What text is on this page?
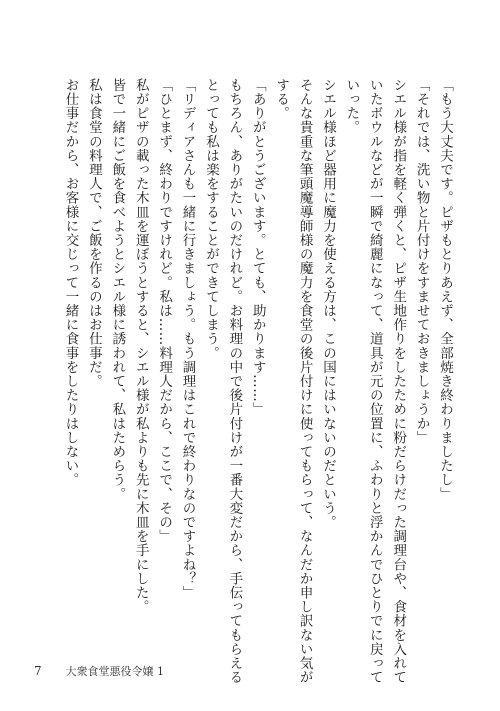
「もう大丈夫です。ピザもとりあえず、全部焼き終わりましたし」
「それでは、洗い物と片付けをすませておきましょうか」
シエル様が指を軽く弾くと、ピザ生地作りをしたために粉だらけだった調理台や、食材を入れて
いたボウルなどが一瞬で綺麗になって、道具が元の位置に、ふわりと浮かんでひとりでに戻って
いった。
シエル様ほど器用に魔力を使える方は、この国にはいないのだという。
そんな貴重な筆頭魔導師様の魔力を食堂の後片付けに使ってもらって、なんだか申し訳ない気が
する。
「ありがとうございます。とても、助かります……」
もちろん、ありがたいのだけれど。お料理の中で後片付けが一番大変だから、手伝ってもらえる
とっても私は楽をすることができてしまう。
「リディアさんも一緒に行きましょう。もう調理はこれで終わりなのですよね？」
「ひとまず、終わりですけれど。私は……料理人だから、ここで、その」
私がピザの載った木皿を運ぼうとすると、シエル様が私よりも先に木皿を手にした。
皆で一緒にご飯を食べようとシエル様に誘われて、私はためらう。
私は食堂の料理人で、ご飯を作るのはお仕事だ。
お仕事だから、お客様に交じって一緒に食事をしたりはしない。
7 大衆食堂悪役令嬢 1
